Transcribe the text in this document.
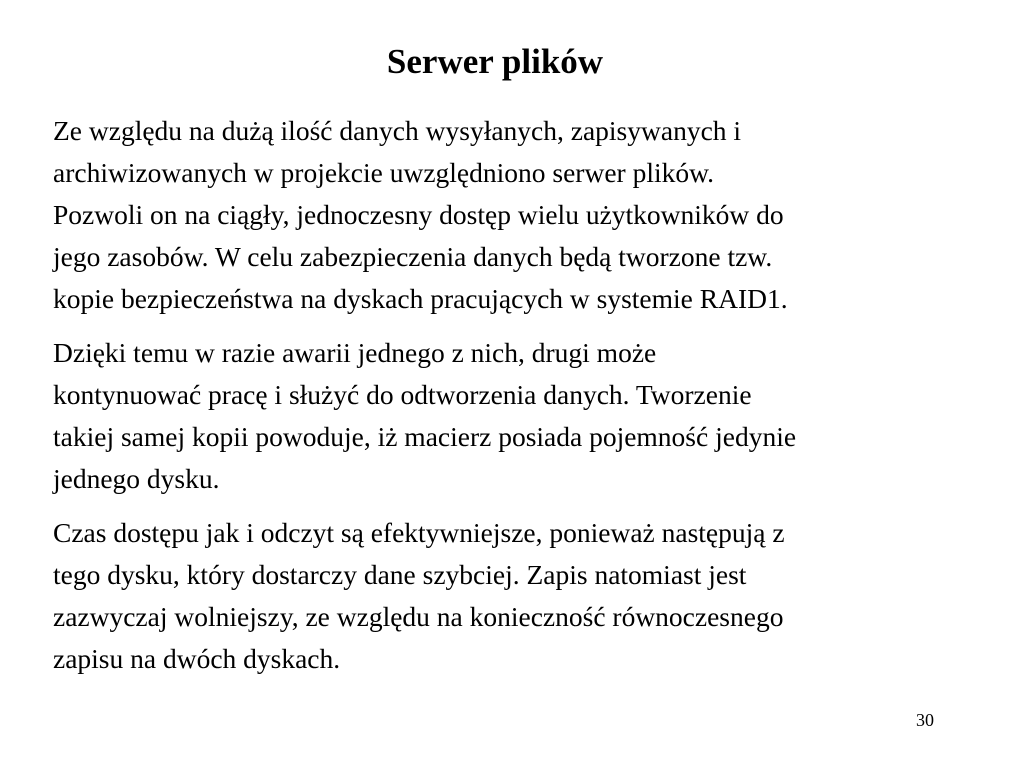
Serwer plików

Ze względu na dużą ilość danych wysyłanych, zapisywanych i
archiwizowanych w projekcie uwzględniono serwer plików.
Pozwoli on na ciągły, jednoczesny dostęp wielu użytkowników do
jego zasobów. W celu zabezpieczenia danych będą tworzone tzw.
kopie bezpieczeństwa na dyskach pracujących w systemie RAID1.

Dzięki temu w razie awarii jednego z nich, drugi może
kontynuować pracę i służyć do odtworzenia danych. Tworzenie
takiej samej kopii powoduje, iż macierz posiada pojemność jedynie
jednego dysku.

Czas dostępu jak i odczyt są efektywniejsze, ponieważ następują z
tego dysku, który dostarczy dane szybciej. Zapis natomiast jest
zazwyczaj wolniejszy, ze względu na konieczność równoczesnego
zapisu na dwóch dyskach.

30
